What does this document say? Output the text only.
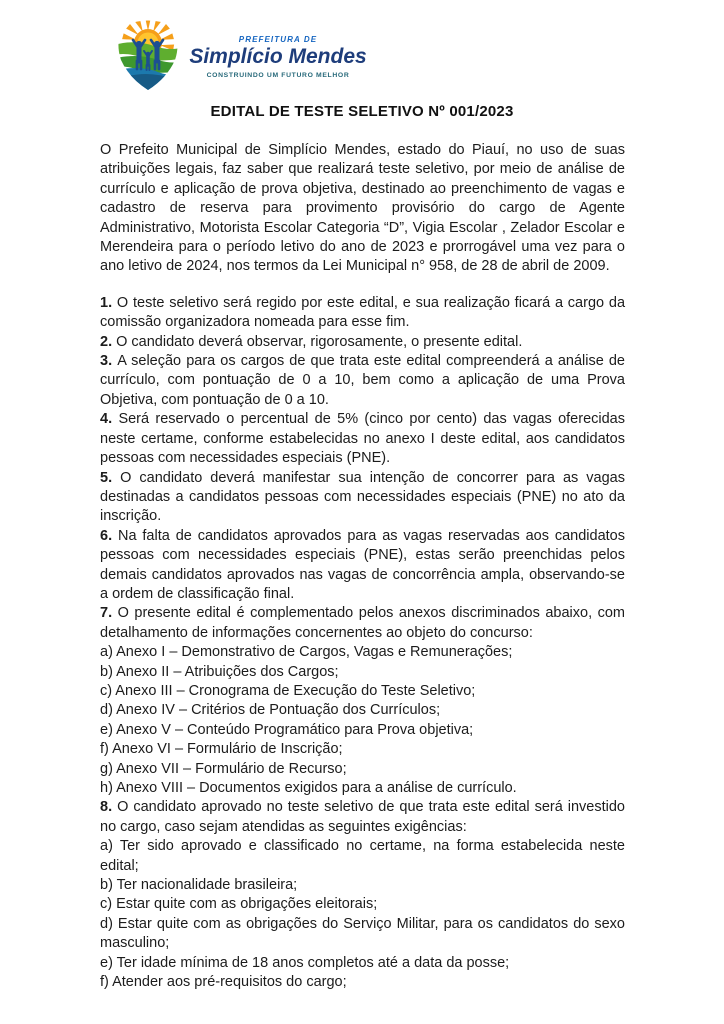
PREFEITURA DE
Simplício Mendes
CONSTRUINDO UM FUTURO MELHOR
EDITAL DE TESTE SELETIVO Nº 001/2023

O Prefeito Municipal de Simplício Mendes, estado do Piauí, no uso de suas atribuições legais, faz saber que realizará teste seletivo, por meio de análise de currículo e aplicação de prova objetiva, destinado ao preenchimento de vagas e cadastro de reserva para provimento provisório do cargo de Agente Administrativo, Motorista Escolar Categoria “D”, Vigia Escolar , Zelador Escolar e Merendeira para o período letivo do ano de 2023 e prorrogável uma vez para o ano letivo de 2024, nos termos da Lei Municipal n° 958, de 28 de abril de 2009.

1. O teste seletivo será regido por este edital, e sua realização ficará a cargo da comissão organizadora nomeada para esse fim.

2. O candidato deverá observar, rigorosamente, o presente edital.

3. A seleção para os cargos de que trata este edital compreenderá a análise de currículo, com pontuação de 0 a 10, bem como a aplicação de uma Prova Objetiva, com pontuação de 0 a 10.

4. Será reservado o percentual de 5% (cinco por cento) das vagas oferecidas neste certame, conforme estabelecidas no anexo I deste edital, aos candidatos pessoas com necessidades especiais (PNE).

5. O candidato deverá manifestar sua intenção de concorrer para as vagas destinadas a candidatos pessoas com necessidades especiais (PNE) no ato da inscrição.

6. Na falta de candidatos aprovados para as vagas reservadas aos candidatos pessoas com necessidades especiais (PNE), estas serão preenchidas pelos demais candidatos aprovados nas vagas de concorrência ampla, observando-se a ordem de classificação final.

7. O presente edital é complementado pelos anexos discriminados abaixo, com detalhamento de informações concernentes ao objeto do concurso:

a) Anexo I – Demonstrativo de Cargos, Vagas e Remunerações;

b) Anexo II – Atribuições dos Cargos;

c) Anexo III – Cronograma de Execução do Teste Seletivo;

d) Anexo IV – Critérios de Pontuação dos Currículos;

e) Anexo V – Conteúdo Programático para Prova objetiva;

f) Anexo VI – Formulário de Inscrição;

g) Anexo VII – Formulário de Recurso;

h) Anexo VIII – Documentos exigidos para a análise de currículo.

8. O candidato aprovado no teste seletivo de que trata este edital será investido no cargo, caso sejam atendidas as seguintes exigências:

a) Ter sido aprovado e classificado no certame, na forma estabelecida neste edital;

b) Ter nacionalidade brasileira;

c) Estar quite com as obrigações eleitorais;

d) Estar quite com as obrigações do Serviço Militar, para os candidatos do sexo masculino;

e) Ter idade mínima de 18 anos completos até a data da posse;

f) Atender aos pré-requisitos do cargo;
